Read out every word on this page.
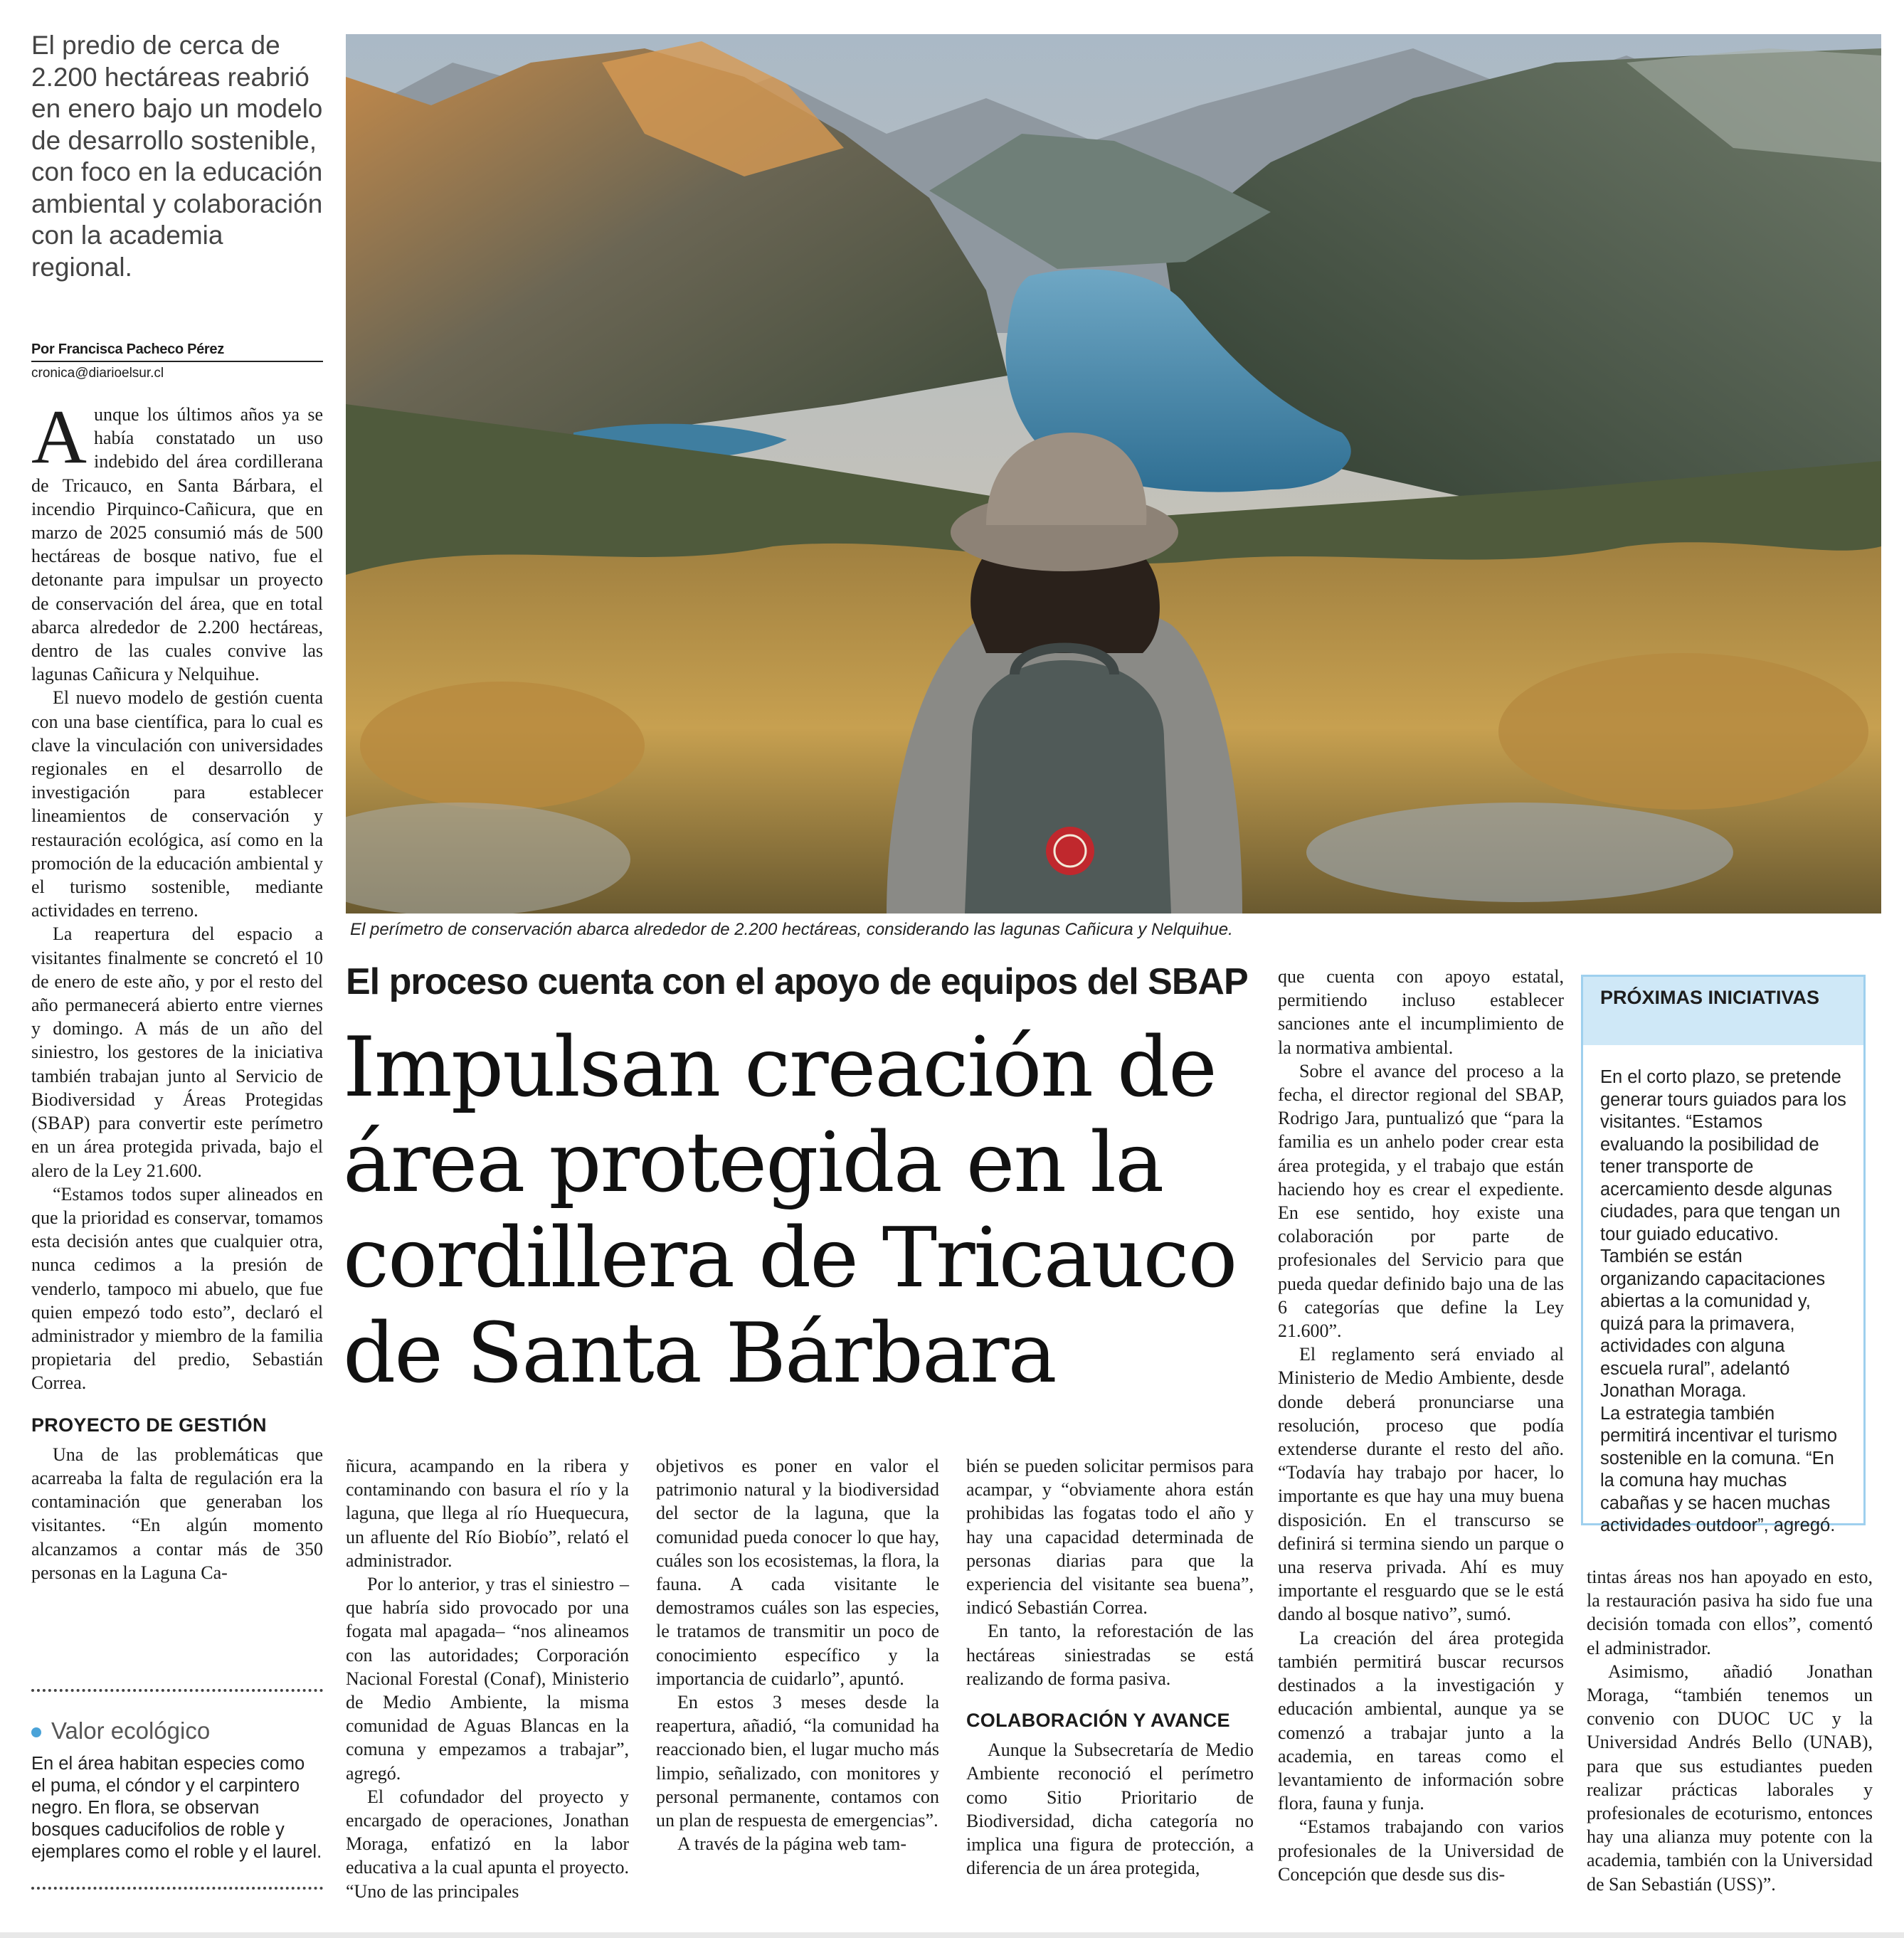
El predio de cerca de 2.200 hectáreas reabrió en enero bajo un modelo de desarrollo sostenible, con foco en la educación ambiental y colaboración con la academia regional.
Por Francisca Pacheco Pérez
cronica@diarioelsur.cl

Aunque los últimos años ya se había constatado un uso indebido del área cordillerana de Tricauco, en Santa Bárbara, el incendio Pirquinco-Cañicura, que en marzo de 2025 consumió más de 500 hectáreas de bosque nativo, fue el detonante para impulsar un proyecto de conservación del área, que en total abarca alrededor de 2.200 hectáreas, dentro de las cuales convive las lagunas Cañicura y Nelquihue.

El nuevo modelo de gestión cuenta con una base científica, para lo cual es clave la vinculación con universidades regionales en el desarrollo de investigación para establecer lineamientos de conservación y restauración ecológica, así como en la promoción de la educación ambiental y el turismo sostenible, mediante actividades en terreno.

La reapertura del espacio a visitantes finalmente se concretó el 10 de enero de este año, y por el resto del año permanecerá abierto entre viernes y domingo. A más de un año del siniestro, los gestores de la iniciativa también trabajan junto al Servicio de Biodiversidad y Áreas Protegidas (SBAP) para convertir este perímetro en un área protegida privada, bajo el alero de la Ley 21.600.

“Estamos todos super alineados en que la prioridad es conservar, tomamos esta decisión antes que cualquier otra, nunca cedimos a la presión de venderlo, tampoco mi abuelo, que fue quien empezó todo esto”, declaró el administrador y miembro de la familia propietaria del predio, Sebastián Correa.

PROYECTO DE GESTIÓN

Una de las problemáticas que acarreaba la falta de regulación era la contaminación que generaban los visitantes. “En algún momento alcanzamos a contar más de 350 personas en la Laguna Ca-

Valor ecológico
En el área habitan especies como el puma, el cóndor y el carpintero negro. En flora, se observan bosques caducifolios de roble y ejemplares como el roble y el laurel.
El perímetro de conservación abarca alrededor de 2.200 hectáreas, considerando las lagunas Cañicura y Nelquihue.
El proceso cuenta con el apoyo de equipos del SBAP
Impulsan creación de área protegida en la cordillera de Tricauco de Santa Bárbara

ñicura, acampando en la ribera y contaminando con basura el río y la laguna, que llega al río Huequecura, un afluente del Río Biobío”, relató el administrador.

Por lo anterior, y tras el siniestro –que habría sido provocado por una fogata mal apagada– “nos alineamos con las autoridades; Corporación Nacional Forestal (Conaf), Ministerio de Medio Ambiente, la misma comunidad de Aguas Blancas en la comuna y empezamos a trabajar”, agregó.

El cofundador del proyecto y encargado de operaciones, Jonathan Moraga, enfatizó en la labor educativa a la cual apunta el proyecto. “Uno de las principales

objetivos es poner en valor el patrimonio natural y la biodiversidad del sector de la laguna, que la comunidad pueda conocer lo que hay, cuáles son los ecosistemas, la flora, la fauna. A cada visitante le demostramos cuáles son las especies, le tratamos de transmitir un poco de conocimiento específico y la importancia de cuidarlo”, apuntó.

En estos 3 meses desde la reapertura, añadió, “la comunidad ha reaccionado bien, el lugar mucho más limpio, señalizado, con monitores y personal permanente, contamos con un plan de respuesta de emergencias”.

A través de la página web tam-

bién se pueden solicitar permisos para acampar, y “obviamente ahora están prohibidas las fogatas todo el año y hay una capacidad determinada de personas diarias para que la experiencia del visitante sea buena”, indicó Sebastián Correa.

En tanto, la reforestación de las hectáreas siniestradas se está realizando de forma pasiva.

COLABORACIÓN Y AVANCE

Aunque la Subsecretaría de Medio Ambiente reconoció el perímetro como Sitio Prioritario de Biodiversidad, dicha categoría no implica una figura de protección, a diferencia de un área protegida,

que cuenta con apoyo estatal, permitiendo incluso establecer sanciones ante el incumplimiento de la normativa ambiental.

Sobre el avance del proceso a la fecha, el director regional del SBAP, Rodrigo Jara, puntualizó que “para la familia es un anhelo poder crear esta área protegida, y el trabajo que están haciendo hoy es crear el expediente. En ese sentido, hoy existe una colaboración por parte de profesionales del Servicio para que pueda quedar definido bajo una de las 6 categorías que define la Ley 21.600”.

El reglamento será enviado al Ministerio de Medio Ambiente, desde donde deberá pronunciarse una resolución, proceso que podía extenderse durante el resto del año. “Todavía hay trabajo por hacer, lo importante es que hay una muy buena disposición. En el transcurso se definirá si termina siendo un parque o una reserva privada. Ahí es muy importante el resguardo que se le está dando al bosque nativo”, sumó.

La creación del área protegida también permitirá buscar recursos destinados a la investigación y educación ambiental, aunque ya se comenzó a trabajar junto a la academia, en tareas como el levantamiento de información sobre flora, fauna y funja.

“Estamos trabajando con varios profesionales de la Universidad de Concepción que desde sus dis-

PRÓXIMAS INICIATIVAS

En el corto plazo, se pretende generar tours guiados para los visitantes. “Estamos evaluando la posibilidad de tener transporte de acercamiento desde algunas ciudades, para que tengan un tour guiado educativo. También se están organizando capacitaciones abiertas a la comunidad y, quizá para la primavera, actividades con alguna escuela rural”, adelantó Jonathan Moraga.

La estrategia también permitirá incentivar el turismo sostenible en la comuna. “En la comuna hay muchas cabañas y se hacen muchas actividades outdoor”, agregó.

tintas áreas nos han apoyado en esto, la restauración pasiva ha sido fue una decisión tomada con ellos”, comentó el administrador.

Asimismo, añadió Jonathan Moraga, “también tenemos un convenio con DUOC UC y la Universidad Andrés Bello (UNAB), para que sus estudiantes pueden realizar prácticas laborales y profesionales de ecoturismo, entonces hay una alianza muy potente con la academia, también con la Universidad de San Sebastián (USS)”.
